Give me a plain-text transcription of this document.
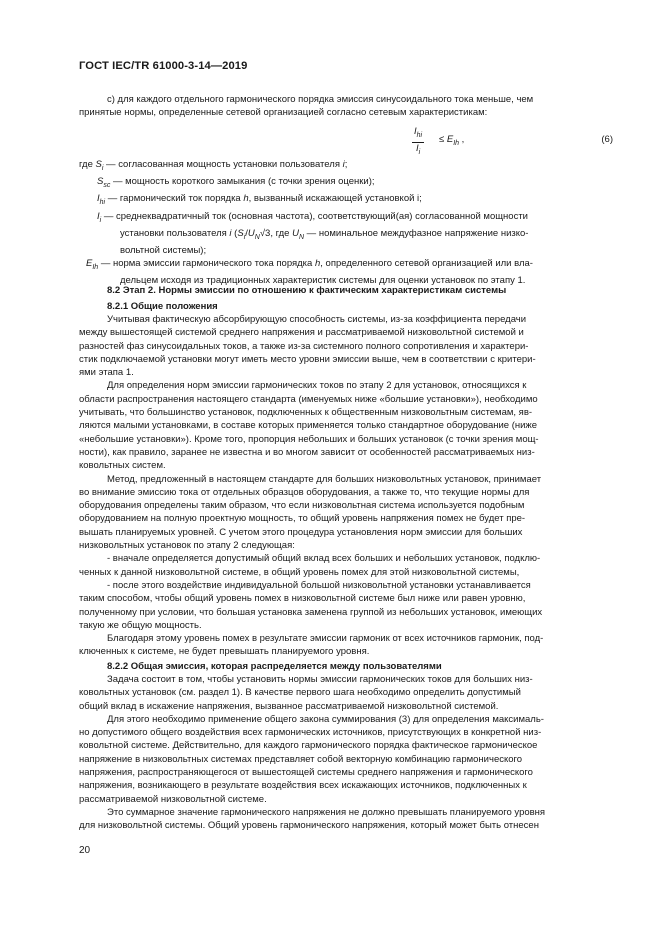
ГОСТ IEC/TR 61000-3-14—2019
с) для каждого отдельного гармонического порядка эмиссия синусоидального тока меньше, чем
принятые нормы, определенные сетевой организацией согласно сетевым характеристикам:
$I_{hi}$
$I_i$
≤ $E_{Ih}$ ,	(6)
где $S_i$ — согласованная мощность установки пользователя i;
$S_{sc}$ — мощность короткого замыкания (с точки зрения оценки);
$I_{hi}$ — гармонический ток порядка h, вызванный искажающей установкой i;
$I_i$ — среднеквадратичный ток (основная частота), соответствующий(ая) согласованной мощности
установки пользователя i ($S_i/U_N√3$, где $U_N$ — номинальное междуфазное напряжение низко-
вольтной системы);
$E_{Ih}$ — норма эмиссии гармонического тока порядка h, определенного сетевой организацией или вла-
дельцем исходя из традиционных характеристик системы для оценки установок по этапу 1.
8.2 Этап 2. Нормы эмиссии по отношению к фактическим характеристикам системы
8.2.1 Общие положения
Учитывая фактическую абсорбирующую способность системы, из-за коэффициента передачи
между вышестоящей системой среднего напряжения и рассматриваемой низковольтной системой и
разностей фаз синусоидальных токов, а также из-за системного полного сопротивления и характери-
стик подключаемой установки могут иметь место уровни эмиссии выше, чем в соответствии с критери-
ями этапа 1.
Для определения норм эмиссии гармонических токов по этапу 2 для установок, относящихся к
области распространения настоящего стандарта (именуемых ниже «большие установки»), необходимо
учитывать, что большинство установок, подключенных к общественным низковольтным системам, яв-
ляются малыми установками, в составе которых применяется только стандартное оборудование (ниже
«небольшие установки»). Кроме того, пропорция небольших и больших установок (с точки зрения мощ-
ности), как правило, заранее не известна и во многом зависит от особенностей рассматриваемых низ-
ковольтных систем.
Метод, предложенный в настоящем стандарте для больших низковольтных установок, принимает
во внимание эмиссию тока от отдельных образцов оборудования, а также то, что текущие нормы для
оборудования определены таким образом, что если низковольтная система используется подобным
оборудованием на полную проектную мощность, то общий уровень напряжения помех не будет пре-
вышать планируемых уровней. С учетом этого процедура установления норм эмиссии для больших
низковольтных установок по этапу 2 следующая:
- вначале определяется допустимый общий вклад всех больших и небольших установок, подклю-
ченных к данной низковольтной системе, в общий уровень помех для этой низковольтной системы,
- после этого воздействие индивидуальной большой низковольтной установки устанавливается
таким способом, чтобы общий уровень помех в низковольтной системе был ниже или равен уровню,
полученному при условии, что большая установка заменена группой из небольших установок, имеющих
такую же общую мощность.
Благодаря этому уровень помех в результате эмиссии гармоник от всех источников гармоник, под-
ключенных к системе, не будет превышать планируемого уровня.
8.2.2 Общая эмиссия, которая распределяется между пользователями
Задача состоит в том, чтобы установить нормы эмиссии гармонических токов для больших низ-
ковольтных установок (см. раздел 1). В качестве первого шага необходимо определить допустимый
общий вклад в искажение напряжения, вызванное рассматриваемой низковольтной системой.
Для этого необходимо применение общего закона суммирования (3) для определения максималь-
но допустимого общего воздействия всех гармонических источников, присутствующих в конкретной низ-
ковольтной системе. Действительно, для каждого гармонического порядка фактическое гармоническое
напряжение в низковольтных системах представляет собой векторную комбинацию гармонического
напряжения, распространяющегося от вышестоящей системы среднего напряжения и гармонического
напряжения, возникающего в результате воздействия всех искажающих источников, подключенных к
рассматриваемой низковольтной системе.
Это суммарное значение гармонического напряжения не должно превышать планируемого уровня
для низковольтной системы. Общий уровень гармонического напряжения, который может быть отнесен
20
